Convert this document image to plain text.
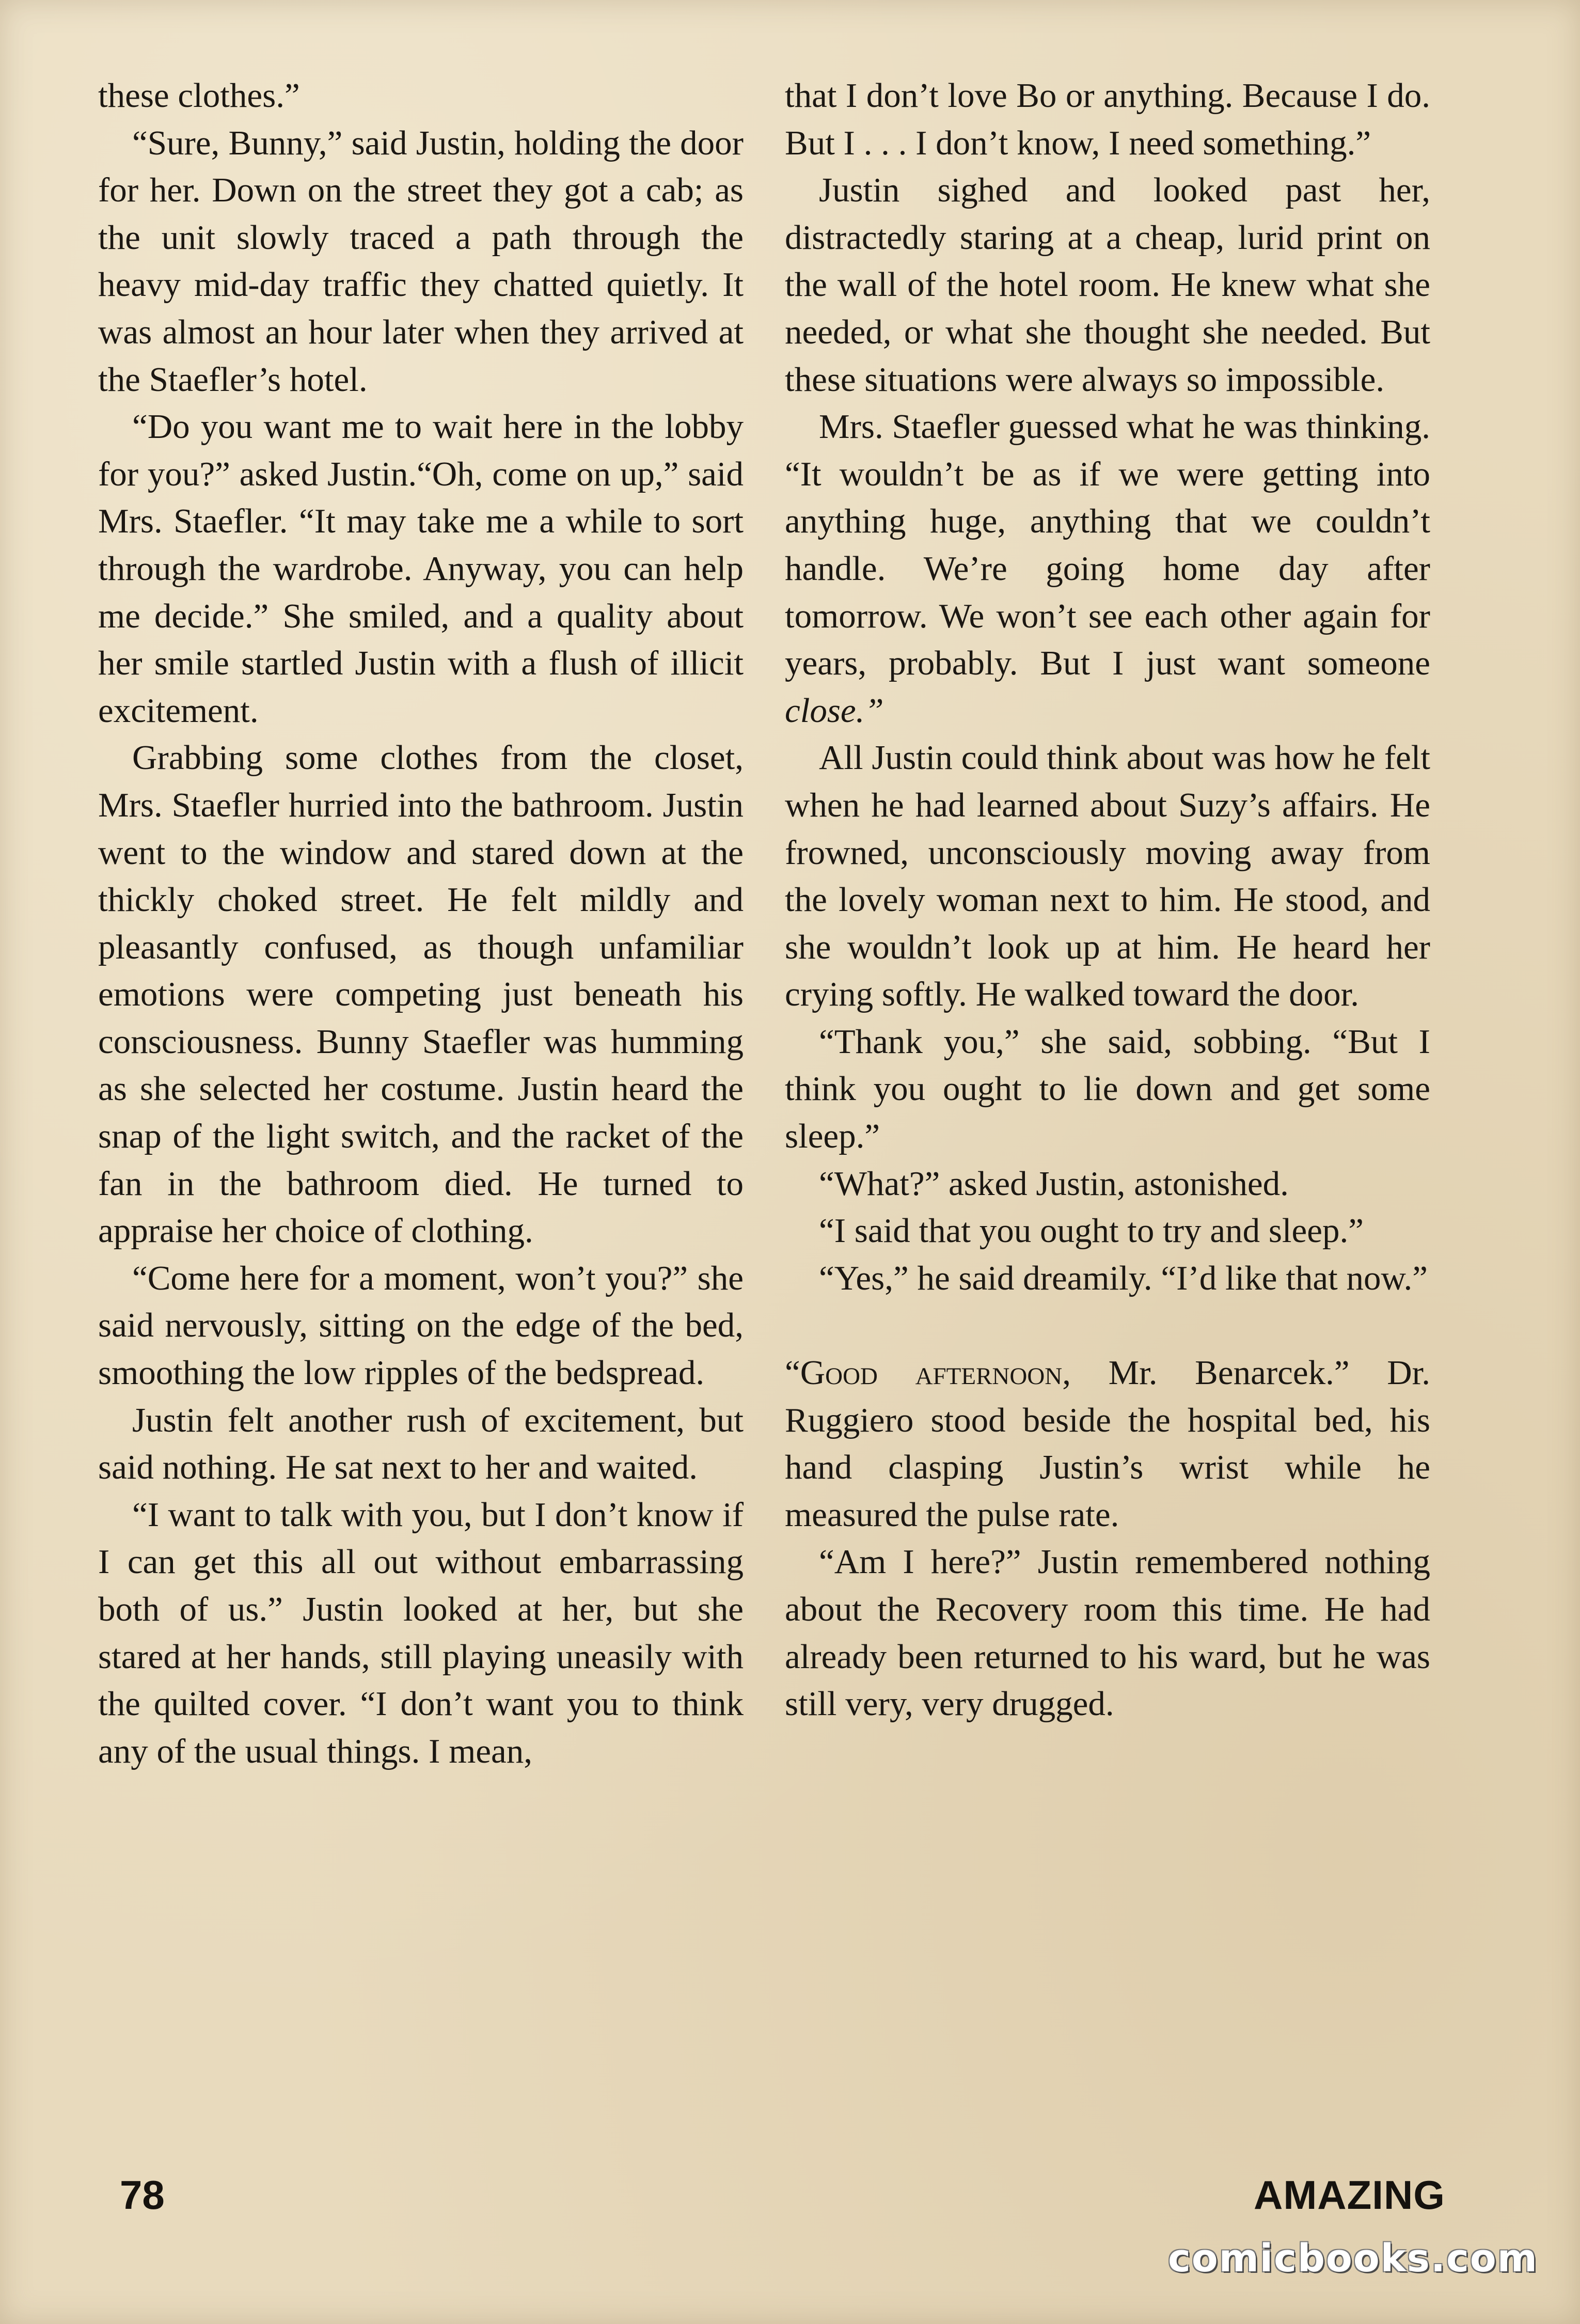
these clothes.”

“Sure, Bunny,” said Justin, holding the door for her. Down on the street they got a cab; as the unit slowly traced a path through the heavy mid-day traffic they chatted quietly. It was almost an hour later when they arrived at the Staefler’s hotel.

“Do you want me to wait here in the lobby for you?” asked Justin.“Oh, come on up,” said Mrs. Staefler. “It may take me a while to sort through the wardrobe. Anyway, you can help me decide.” She smiled, and a quality about her smile startled Justin with a flush of illicit excitement.

Grabbing some clothes from the closet, Mrs. Staefler hurried into the bathroom. Justin went to the window and stared down at the thickly choked street. He felt mildly and pleasantly confused, as though unfamiliar emotions were competing just beneath his consciousness. Bunny Staefler was humming as she selected her costume. Justin heard the snap of the light switch, and the racket of the fan in the bathroom died. He turned to appraise her choice of clothing.

“Come here for a moment, won’t you?” she said nervously, sitting on the edge of the bed, smoothing the low ripples of the bedspread.

Justin felt another rush of excitement, but said nothing. He sat next to her and waited.

“I want to talk with you, but I don’t know if I can get this all out without embarrassing both of us.” Justin looked at her, but she stared at her hands, still playing uneasily with the quilted cover. “I don’t want you to think any of the usual things. I mean,

that I don’t love Bo or anything. Because I do. But I . . . I don’t know, I need something.”

Justin sighed and looked past her, distractedly staring at a cheap, lurid print on the wall of the hotel room. He knew what she needed, or what she thought she needed. But these situations were always so impossible.

Mrs. Staefler guessed what he was thinking. “It wouldn’t be as if we were getting into anything huge, anything that we couldn’t handle. We’re going home day after tomorrow. We won’t see each other again for years, probably. But I just want someone close.”

All Justin could think about was how he felt when he had learned about Suzy’s affairs. He frowned, unconsciously moving away from the lovely woman next to him. He stood, and she wouldn’t look up at him. He heard her crying softly. He walked toward the door.

“Thank you,” she said, sobbing. “But I think you ought to lie down and get some sleep.”

“What?” asked Justin, astonished.

“I said that you ought to try and sleep.”

“Yes,” he said dreamily. “I’d like that now.”

“Good afternoon, Mr. Benarcek.” Dr. Ruggiero stood beside the hospital bed, his hand clasping Justin’s wrist while he measured the pulse rate.

“Am I here?” Justin remembered nothing about the Recovery room this time. He had already been returned to his ward, but he was still very, very drugged.

78	AMAZING
comicbooks.com
